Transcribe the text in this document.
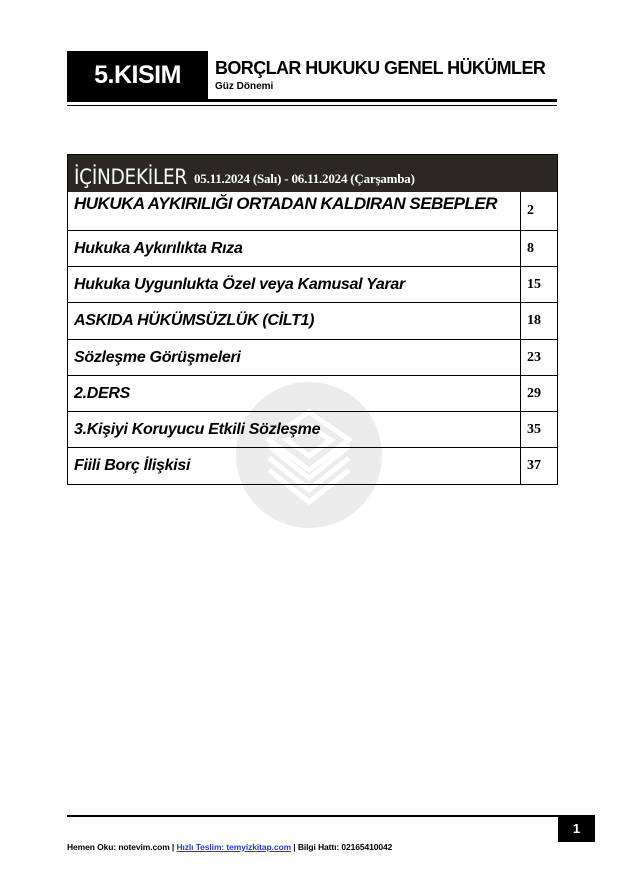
5.KISIM	BORÇLAR HUKUKU GENEL HÜKÜMLER
Güz Dönemi
İÇİNDEKİLER 05.11.2024 (Salı) - 06.11.2024 (Çarşamba)
HUKUKA AYKIRILIĞI ORTADAN KALDIRAN SEBEPLER	2
Hukuka Aykırılıkta Rıza	8
Hukuka Uygunlukta Özel veya Kamusal Yarar	15
ASKIDA HÜKÜMSÜZLÜK (CİLT1)	18
Sözleşme Görüşmeleri	23
2.DERS	29
3.Kişiyi Koruyucu Etkili Sözleşme	35
Fiili Borç İlişkisi	37
1
Hemen Oku: notevim.com | Hızlı Teslim: temyizkitap.com | Bilgi Hattı: 02165410042
